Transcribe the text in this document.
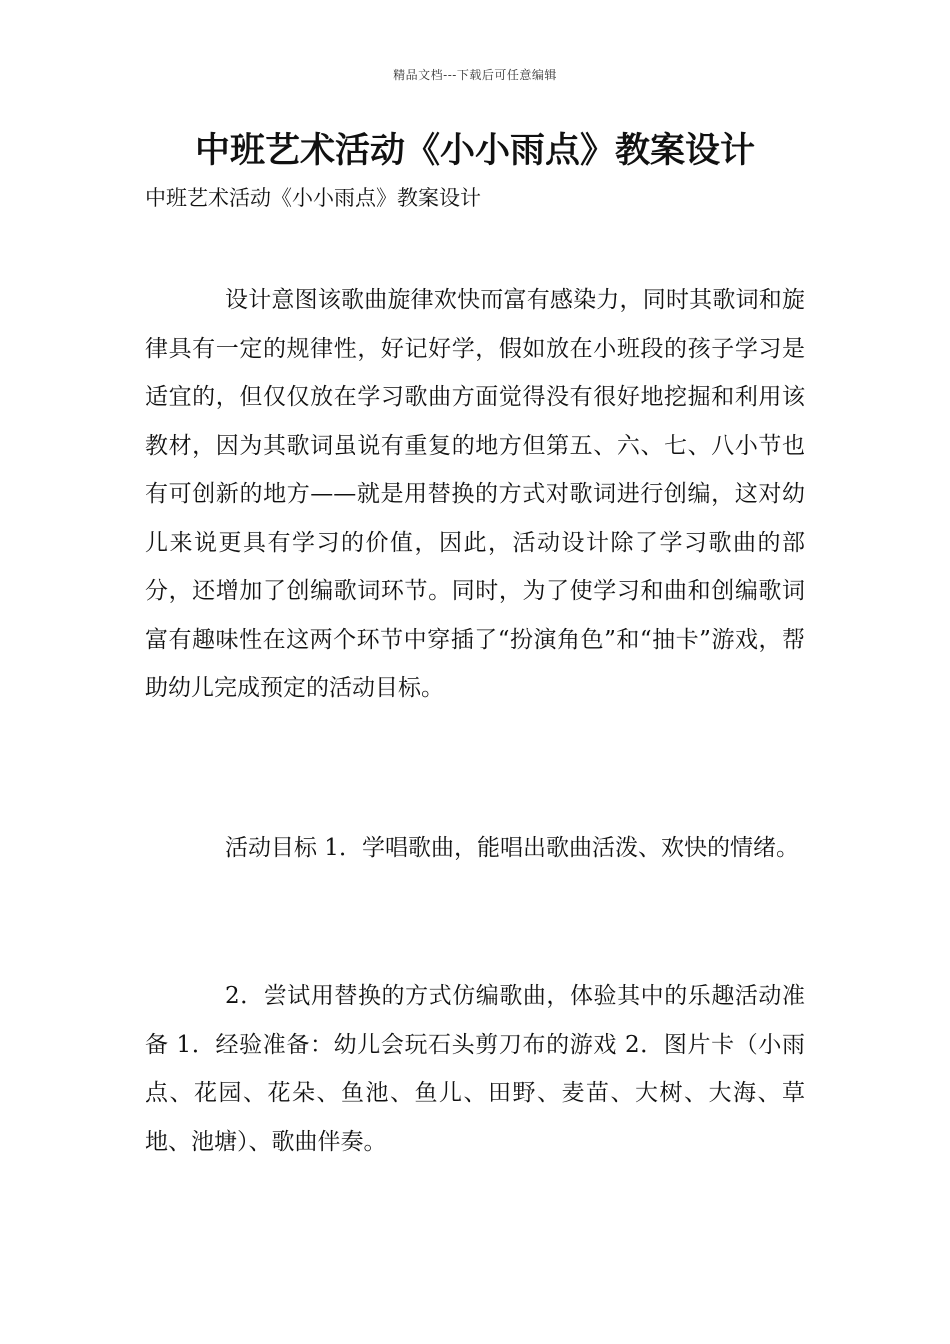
精品文档---下载后可任意编辑
中班艺术活动《小小雨点》教案设计
中班艺术活动《小小雨点》教案设计

设计意图该歌曲旋律欢快而富有感染力，同时其歌词和旋律具有一定的规律性，好记好学，假如放在小班段的孩子学习是适宜的，但仅仅放在学习歌曲方面觉得没有很好地挖掘和利用该教材，因为其歌词虽说有重复的地方但第五、六、七、八小节也有可创新的地方——就是用替换的方式对歌词进行创编，这对幼儿来说更具有学习的价值，因此，活动设计除了学习歌曲的部分，还增加了创编歌词环节。同时，为了使学习和曲和创编歌词富有趣味性在这两个环节中穿插了“扮演角色”和“抽卡”游戏，帮助幼儿完成预定的活动目标。

活动目标 1．学唱歌曲，能唱出歌曲活泼、欢快的情绪。

2．尝试用替换的方式仿编歌曲，体验其中的乐趣活动准备 1．经验准备：幼儿会玩石头剪刀布的游戏 2．图片卡（小雨点、花园、花朵、鱼池、鱼儿、田野、麦苗、大树、大海、草地、池塘）、歌曲伴奏。
